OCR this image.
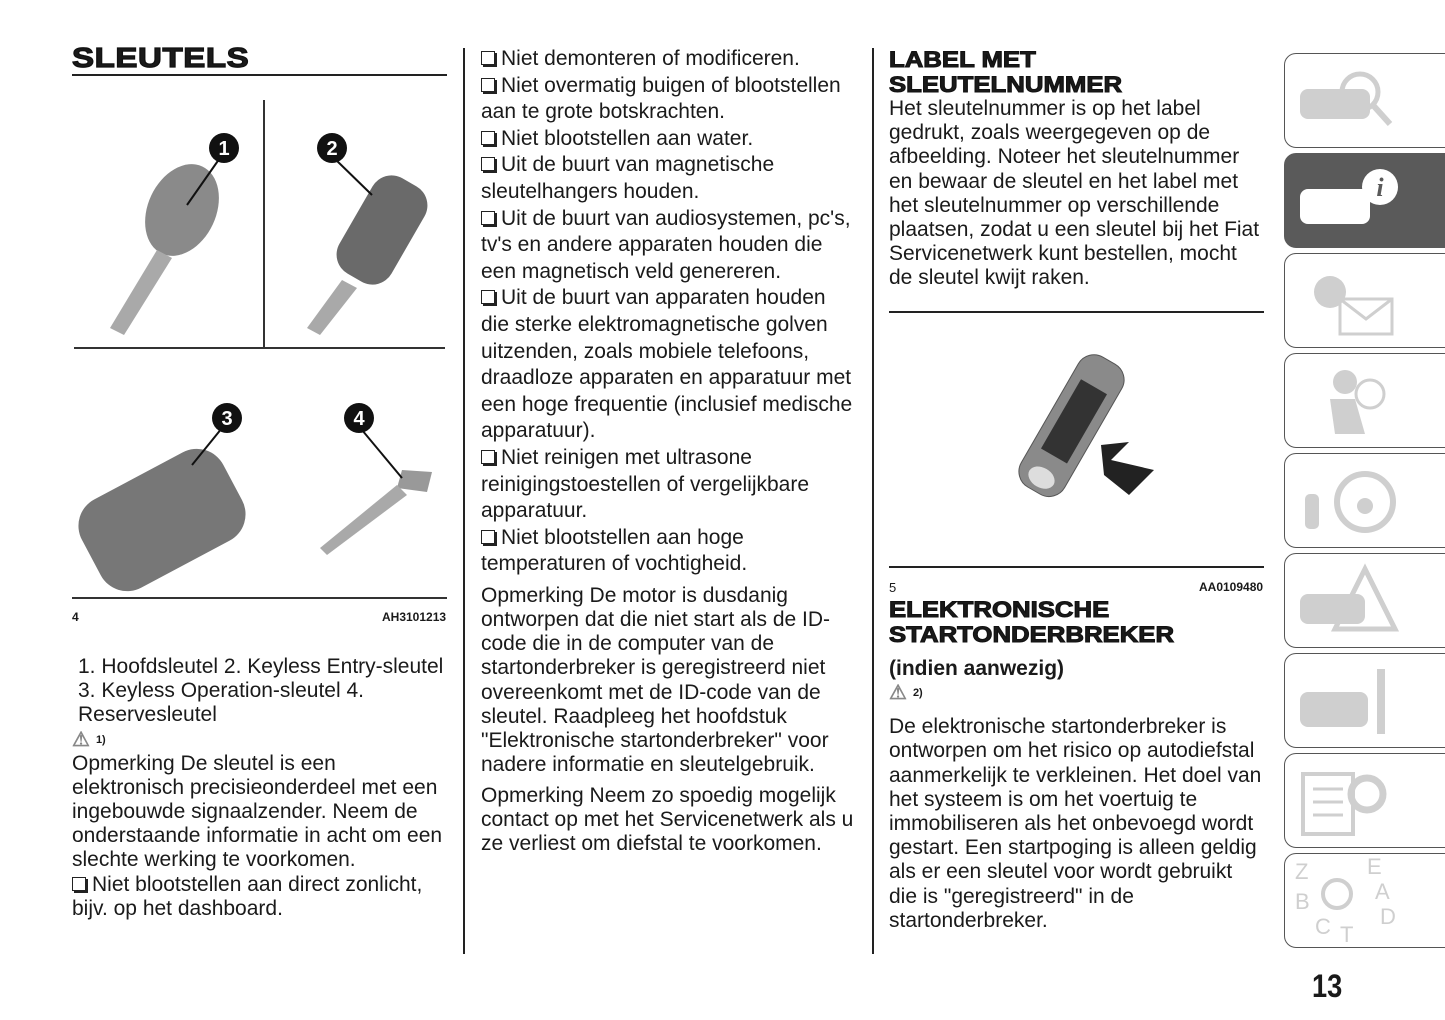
SLEUTELS
1	2
3	4
4	AH3101213

1. Hoofdsleutel 2. Keyless Entry-sleutel 3. Keyless Operation-sleutel 4. Reservesleutel

⚠ 1)

Opmerking De sleutel is een elektronisch precisieonderdeel met een ingebouwde signaalzender. Neem de onderstaande informatie in acht om een slechte werking te voorkomen.

Niet blootstellen aan direct zonlicht, bijv. op het dashboard.

Niet demonteren of modificeren.

Niet overmatig buigen of blootstellen aan te grote botskrachten.

Niet blootstellen aan water.

Uit de buurt van magnetische sleutelhangers houden.

Uit de buurt van audiosystemen, pc's, tv's en andere apparaten houden die een magnetisch veld genereren.

Uit de buurt van apparaten houden die sterke elektromagnetische golven uitzenden, zoals mobiele telefoons, draadloze apparaten en apparatuur met een hoge frequentie (inclusief medische apparatuur).

Niet reinigen met ultrasone reinigingstoestellen of vergelijkbare apparatuur.

Niet blootstellen aan hoge temperaturen of vochtigheid.

Opmerking De motor is dusdanig ontworpen dat die niet start als de ID-code die in de computer van de startonderbreker is geregistreerd niet overeenkomt met de ID-code van de sleutel. Raadpleeg het hoofdstuk "Elektronische startonderbreker" voor nadere informatie en sleutelgebruik.

Opmerking Neem zo spoedig mogelijk contact op met het Servicenetwerk als u ze verliest om diefstal te voorkomen.

LABEL MET SLEUTELNUMMER

Het sleutelnummer is op het label gedrukt, zoals weergegeven op de afbeelding. Noteer het sleutelnummer en bewaar de sleutel en het label met het sleutelnummer op verschillende plaatsen, zodat u een sleutel bij het Fiat Servicenetwerk kunt bestellen, mocht de sleutel kwijt raken.

5	AA0109480
ELEKTRONISCHE STARTONDERBREKER

(indien aanwezig)

⚠ 2)

De elektronische startonderbreker is ontworpen om het risico op autodiefstal aanmerkelijk te verkleinen. Het doel van het systeem is om het voertuig te immobiliseren als het onbevoegd wordt gestart. Een startpoging is alleen geldig als er een sleutel voor wordt gebruikt die is "geregistreerd" in de startonderbreker.

i
Z E A B C D T
13
